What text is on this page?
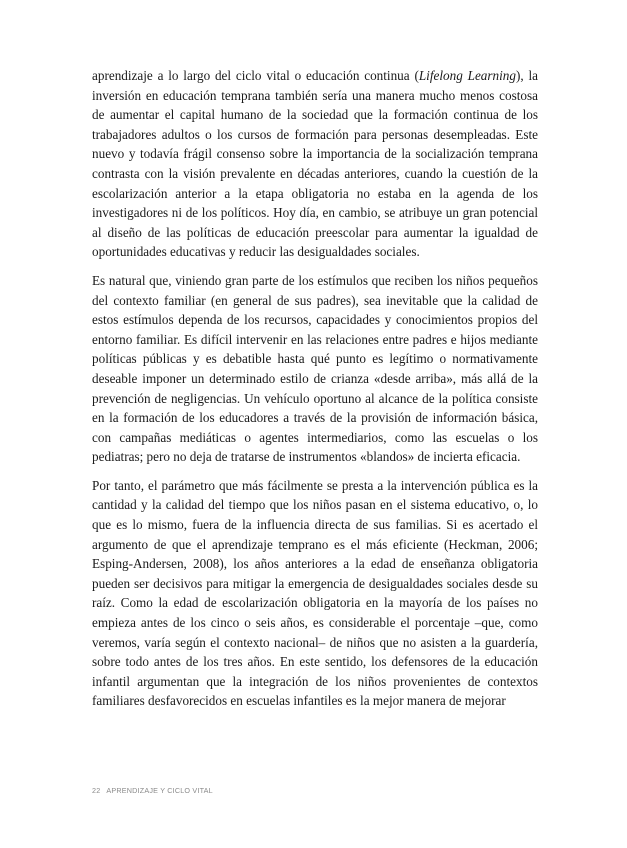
aprendizaje a lo largo del ciclo vital o educación continua (Lifelong Learning), la inversión en educación temprana también sería una manera mucho menos costosa de aumentar el capital humano de la sociedad que la formación continua de los trabajadores adultos o los cursos de formación para personas desempleadas. Este nuevo y todavía frágil consenso sobre la importancia de la socialización temprana contrasta con la visión prevalente en décadas anteriores, cuando la cuestión de la escolarización anterior a la etapa obligatoria no estaba en la agenda de los investigadores ni de los políticos. Hoy día, en cambio, se atribuye un gran potencial al diseño de las políticas de educación preescolar para aumentar la igualdad de oportunidades educativas y reducir las desigualdades sociales.

Es natural que, viniendo gran parte de los estímulos que reciben los niños pequeños del contexto familiar (en general de sus padres), sea inevitable que la calidad de estos estímulos dependa de los recursos, capacidades y conocimientos propios del entorno familiar. Es difícil intervenir en las relaciones entre padres e hijos mediante políticas públicas y es debatible hasta qué punto es legítimo o normativamente deseable imponer un determinado estilo de crianza «desde arriba», más allá de la prevención de negligencias. Un vehículo oportuno al alcance de la política consiste en la formación de los educadores a través de la provisión de información básica, con campañas mediáticas o agentes intermediarios, como las escuelas o los pediatras; pero no deja de tratarse de instrumentos «blandos» de incierta eficacia.

Por tanto, el parámetro que más fácilmente se presta a la intervención pública es la cantidad y la calidad del tiempo que los niños pasan en el sistema educativo, o, lo que es lo mismo, fuera de la influencia directa de sus familias. Si es acertado el argumento de que el aprendizaje temprano es el más eficiente (Heckman, 2006; Esping-Andersen, 2008), los años anteriores a la edad de enseñanza obligatoria pueden ser decisivos para mitigar la emergencia de desigualdades sociales desde su raíz. Como la edad de escolarización obligatoria en la mayoría de los países no empieza antes de los cinco o seis años, es considerable el porcentaje –que, como veremos, varía según el contexto nacional– de niños que no asisten a la guardería, sobre todo antes de los tres años. En este sentido, los defensores de la educación infantil argumentan que la integración de los niños provenientes de contextos familiares desfavorecidos en escuelas infantiles es la mejor manera de mejorar

22 APRENDIZAJE Y CICLO VITAL
